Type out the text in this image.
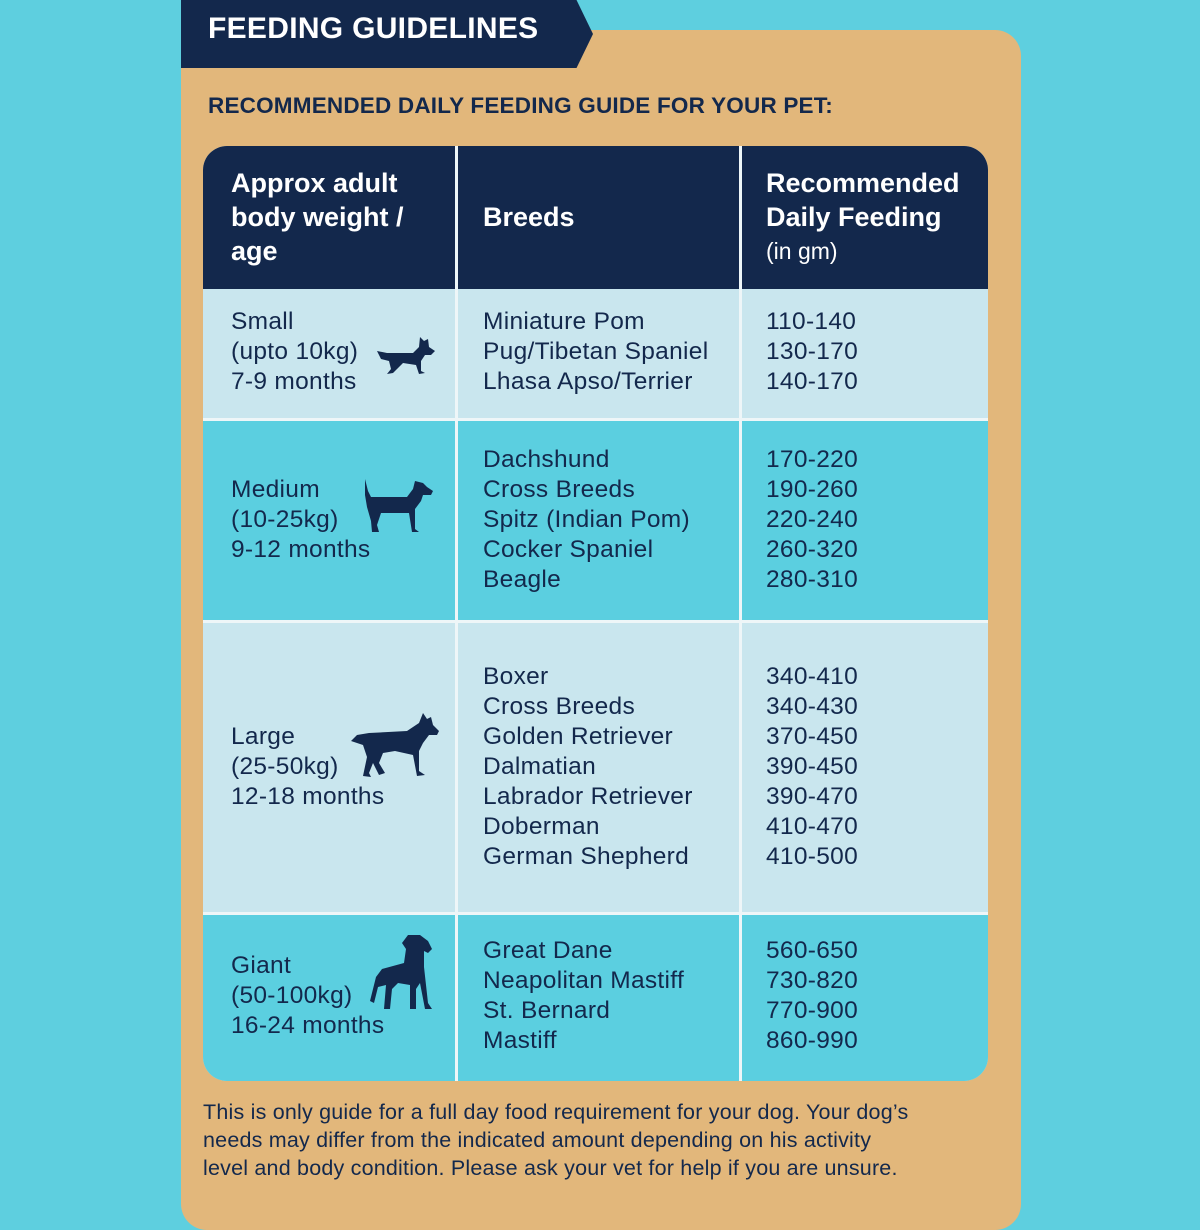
FEEDING GUIDELINES
RECOMMENDED DAILY FEEDING GUIDE FOR YOUR PET:
Approx adult
body weight /
age
Breeds
Recommended
Daily Feeding
(in gm)
Small
(upto 10kg)
7-9 months
Miniature Pom
Pug/Tibetan Spaniel
Lhasa Apso/Terrier
110-140
130-170
140-170
Medium
(10-25kg)
9-12 months
Dachshund
Cross Breeds
Spitz (Indian Pom)
Cocker Spaniel
Beagle
170-220
190-260
220-240
260-320
280-310
Large
(25-50kg)
12-18 months
Boxer
Cross Breeds
Golden Retriever
Dalmatian
Labrador Retriever
Doberman
German Shepherd
340-410
340-430
370-450
390-450
390-470
410-470
410-500
Giant
(50-100kg)
16-24 months
Great Dane
Neapolitan Mastiff
St. Bernard
Mastiff
560-650
730-820
770-900
860-990
This is only guide for a full day food requirement for your dog. Your dog’s
needs may differ from the indicated amount depending on his activity
level and body condition. Please ask your vet for help if you are unsure.
